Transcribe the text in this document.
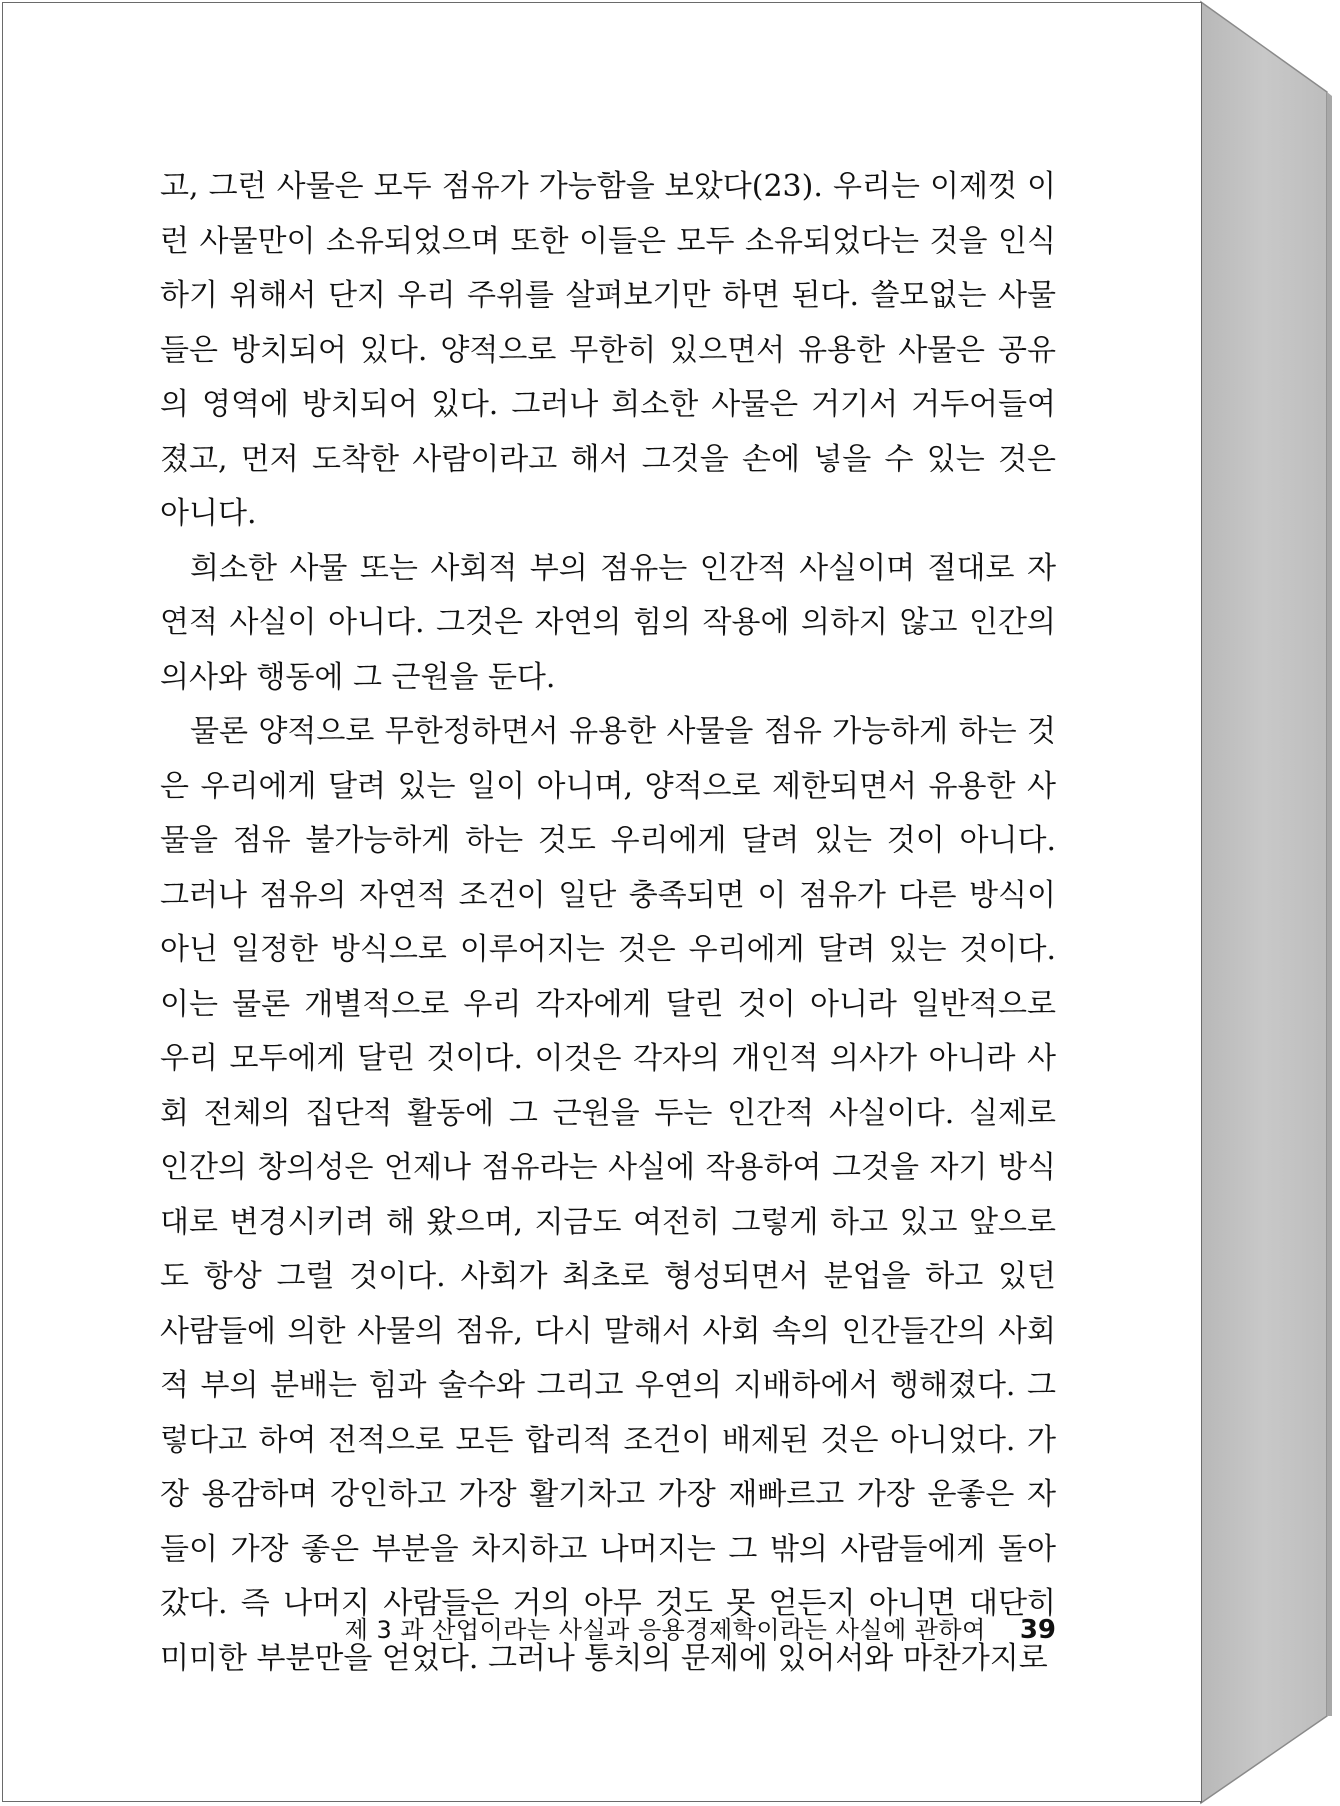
고, 그런 사물은 모두 점유가 가능함을 보았다(23). 우리는 이제껏 이
런 사물만이 소유되었으며 또한 이들은 모두 소유되었다는 것을 인식
하기 위해서 단지 우리 주위를 살펴보기만 하면 된다. 쓸모없는 사물
들은 방치되어 있다. 양적으로 무한히 있으면서 유용한 사물은 공유
의 영역에 방치되어 있다. 그러나 희소한 사물은 거기서 거두어들여
졌고, 먼저 도착한 사람이라고 해서 그것을 손에 넣을 수 있는 것은
아니다.
희소한 사물 또는 사회적 부의 점유는 인간적 사실이며 절대로 자
연적 사실이 아니다. 그것은 자연의 힘의 작용에 의하지 않고 인간의
의사와 행동에 그 근원을 둔다.
물론 양적으로 무한정하면서 유용한 사물을 점유 가능하게 하는 것
은 우리에게 달려 있는 일이 아니며, 양적으로 제한되면서 유용한 사
물을 점유 불가능하게 하는 것도 우리에게 달려 있는 것이 아니다.
그러나 점유의 자연적 조건이 일단 충족되면 이 점유가 다른 방식이
아닌 일정한 방식으로 이루어지는 것은 우리에게 달려 있는 것이다.
이는 물론 개별적으로 우리 각자에게 달린 것이 아니라 일반적으로
우리 모두에게 달린 것이다. 이것은 각자의 개인적 의사가 아니라 사
회 전체의 집단적 활동에 그 근원을 두는 인간적 사실이다. 실제로
인간의 창의성은 언제나 점유라는 사실에 작용하여 그것을 자기 방식
대로 변경시키려 해 왔으며, 지금도 여전히 그렇게 하고 있고 앞으로
도 항상 그럴 것이다. 사회가 최초로 형성되면서 분업을 하고 있던
사람들에 의한 사물의 점유, 다시 말해서 사회 속의 인간들간의 사회
적 부의 분배는 힘과 술수와 그리고 우연의 지배하에서 행해졌다. 그
렇다고 하여 전적으로 모든 합리적 조건이 배제된 것은 아니었다. 가
장 용감하며 강인하고 가장 활기차고 가장 재빠르고 가장 운좋은 자
들이 가장 좋은 부분을 차지하고 나머지는 그 밖의 사람들에게 돌아
갔다. 즉 나머지 사람들은 거의 아무 것도 못 얻든지 아니면 대단히
미미한 부분만을 얻었다. 그러나 통치의 문제에 있어서와 마찬가지로
제 3 과 산업이라는 사실과 응용경제학이라는 사실에 관하여 39
